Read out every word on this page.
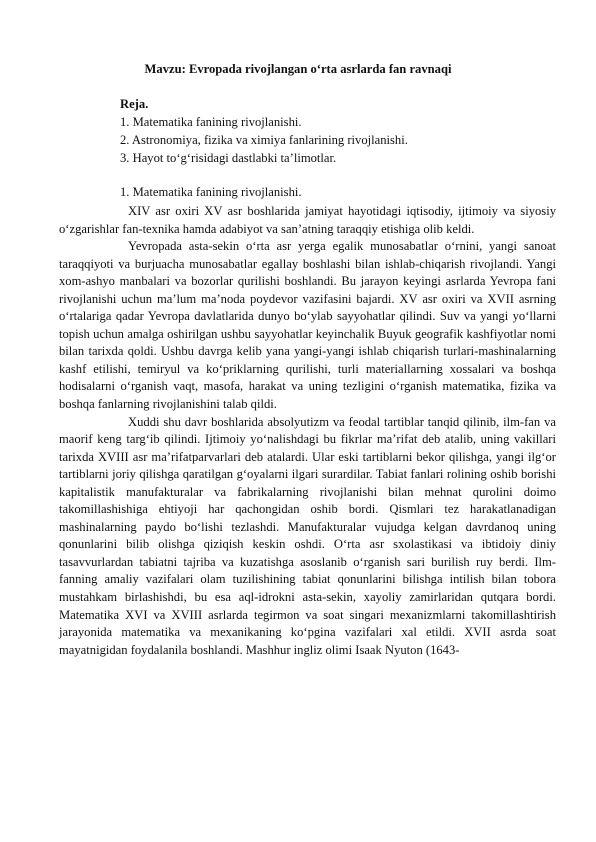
Mavzu: Evropada rivojlangan o‘rta asrlarda fan ravnaqi
Reja.
1. Matematika fanining rivojlanishi.
2. Astronomiya, fizika va ximiya fanlarining rivojlanishi.
3. Hayot to‘g‘risidagi dastlabki ta’limotlar.
1. Matematika fanining rivojlanishi.

XIV asr oxiri XV asr boshlarida jamiyat hayotidagi iqtisodiy, ijtimoiy va siyosiy o‘zgarishlar fan-texnika hamda adabiyot va san’atning taraqqiy etishiga olib keldi.

Yevropada asta-sekin o‘rta asr yerga egalik munosabatlar o‘rnini, yangi sanoat taraqqiyoti va burjuacha munosabatlar egallay boshlashi bilan ishlab-chiqarish rivojlandi. Yangi xom-ashyo manbalari va bozorlar qurilishi boshlandi. Bu jarayon keyingi asrlarda Yevropa fani rivojlanishi uchun ma’lum ma’noda poydevor vazifasini bajardi. XV asr oxiri va XVII asrning o‘rtalariga qadar Yevropa davlatlarida dunyo bo‘ylab sayyohatlar qilindi. Suv va yangi yo‘llarni topish uchun amalga oshirilgan ushbu sayyohatlar keyinchalik Buyuk geografik kashfiyotlar nomi bilan tarixda qoldi. Ushbu davrga kelib yana yangi-yangi ishlab chiqarish turlari-mashinalarning kashf etilishi, temiryul va ko‘priklarning qurilishi, turli materiallarning xossalari va boshqa hodisalarni o‘rganish vaqt, masofa, harakat va uning tezligini o‘rganish matematika, fizika va boshqa fanlarning rivojlanishini talab qildi.

Xuddi shu davr boshlarida absolyutizm va feodal tartiblar tanqid qilinib, ilm-fan va maorif keng targ‘ib qilindi. Ijtimoiy yo‘nalishdagi bu fikrlar ma’rifat deb atalib, uning vakillari tarixda XVIII asr ma’rifatparvarlari deb atalardi. Ular eski tartiblarni bekor qilishga, yangi ilg‘or tartiblarni joriy qilishga qaratilgan g‘oyalarni ilgari surardilar. Tabiat fanlari rolining oshib borishi kapitalistik manufakturalar va fabrikalarning rivojlanishi bilan mehnat qurolini doimo takomillashishiga ehtiyoji har qachongidan oshib bordi. Qismlari tez harakatlanadigan mashinalarning paydo bo‘lishi tezlashdi. Manufakturalar vujudga kelgan davrdanoq uning qonunlarini bilib olishga qiziqish keskin oshdi. O‘rta asr sxolastikasi va ibtidoiy diniy tasavvurlardan tabiatni tajriba va kuzatishga asoslanib o‘rganish sari burilish ruy berdi. Ilm-fanning amaliy vazifalari olam tuzilishining tabiat qonunlarini bilishga intilish bilan tobora mustahkam birlashishdi, bu esa aql-idrokni asta-sekin, xayoliy zamirlaridan qutqara bordi. Matematika XVI va XVIII asrlarda tegirmon va soat singari mexanizmlarni takomillashtirish jarayonida matematika va mexanikaning ko‘pgina vazifalari xal etildi. XVII asrda soat mayatnigidan foydalanila boshlandi. Mashhur ingliz olimi Isaak Nyuton (1643-
